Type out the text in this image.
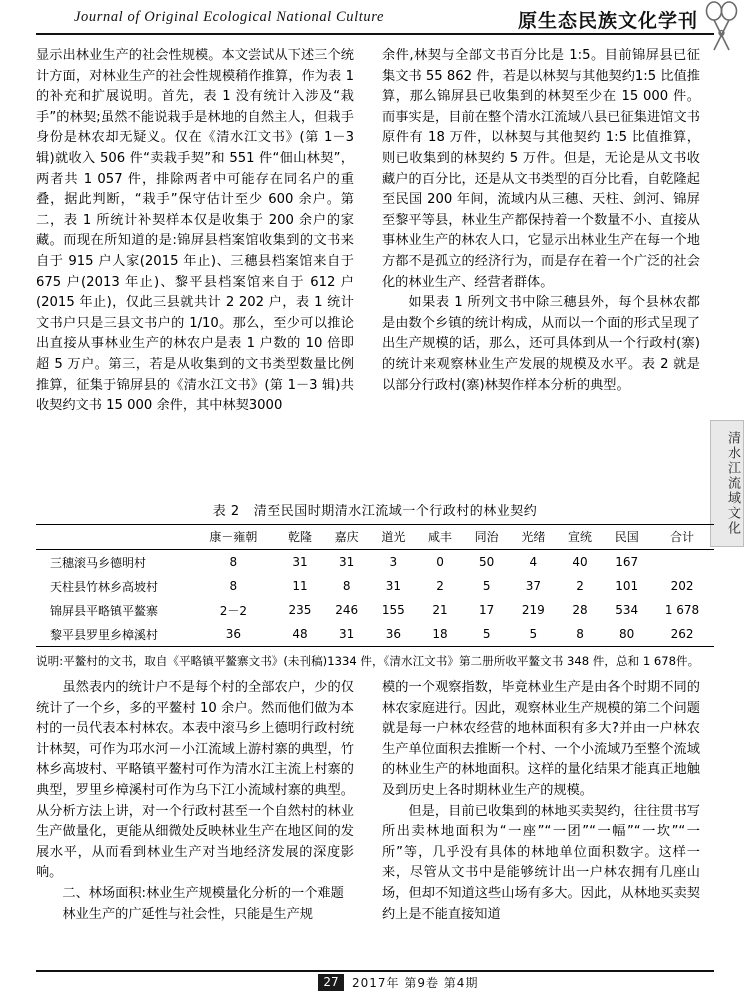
Journal of Original Ecological National Culture	原生态民族文化学刊
清水江流域文化

显示出林业生产的社会性规模。本文尝试从下述三个统计方面，对林业生产的社会性规模稍作推算，作为表 1 的补充和扩展说明。首先，表 1 没有统计入涉及“栽手”的林契;虽然不能说栽手是林地的自然主人，但栽手身份是林农却无疑义。仅在《清水江文书》(第 1－3 辑)就收入 506 件“卖栽手契”和 551 件“佃山林契”，两者共 1 057 件，排除两者中可能存在同名户的重叠，据此判断，“栽手”保守估计至少 600 余户。第二，表 1 所统计补契样本仅是收集于 200 余户的家藏。而现在所知道的是:锦屏县档案馆收集到的文书来自于 915 户人家(2015 年止)、三穗县档案馆来自于 675 户(2013 年止)、黎平县档案馆来自于 612 户(2015 年止)，仅此三县就共计 2 202 户，表 1 统计文书户只是三县文书户的 1/10。那么，至少可以推论出直接从事林业生产的林农户是表 1 户数的 10 倍即超 5 万户。第三，若是从收集到的文书类型数量比例推算，征集于锦屏县的《清水江文书》(第 1－3 辑)共收契约文书 15 000 余件，其中林契3000

余件,林契与全部文书百分比是 1:5。目前锦屏县已征集文书 55 862 件，若是以林契与其他契约1:5 比值推算，那么锦屏县已收集到的林契至少在 15 000 件。而事实是，目前在整个清水江流域八县已征集进馆文书原件有 18 万件，以林契与其他契约 1:5 比值推算，则已收集到的林契约 5 万件。但是，无论是从文书收藏户的百分比，还是从文书类型的百分比看，自乾隆起至民国 200 年间，流域内从三穗、天柱、剑河、锦屏至黎平等县，林业生产都保持着一个数量不小、直接从事林业生产的林农人口，它显示出林业生产在每一个地方都不是孤立的经济行为，而是存在着一个广泛的社会化的林业生产、经营者群体。

如果表 1 所列文书中除三穗县外，每个县林农都是由数个乡镇的统计构成，从而以一个面的形式呈现了出生产规模的话，那么，还可具体到从一个行政村(寨)的统计来观察林业生产发展的规模及水平。表 2 就是以部分行政村(寨)林契作样本分析的典型。

表 2 清至民国时期清水江流域一个行政村的林业契约
	康－雍朝	乾隆	嘉庆	道光	咸丰	同治	光绪	宣统	民国	合计
三穗滚马乡德明村	8	31	31	3	0	50	4	40	167	
天柱县竹林乡高坡村	8	11	8	31	2	5	37	2	101	202
锦屏县平略镇平鳌寨	2－2	235	246	155	21	17	219	28	534	1 678
黎平县罗里乡樟溪村	36	48	31	36	18	5	5	8	80	262
说明:平鳌村的文书，取自《平略镇平鳌寨文书》(未刊稿)1334 件，《清水江文书》第二册所收平鳌文书 348 件，总和 1 678件。

虽然表内的统计户不是每个村的全部农户，少的仅统计了一个乡，多的平鳌村 10 余户。然而他们做为本村的一员代表本村林农。本表中滚马乡上德明行政村统计林契，可作为邛水河－小江流域上游村寨的典型，竹林乡高坡村、平略镇平鳌村可作为清水江主流上村寨的典型，罗里乡樟溪村可作为乌下江小流域村寨的典型。从分析方法上讲，对一个行政村甚至一个自然村的林业生产做量化，更能从细微处反映林业生产在地区间的发展水平，从而看到林业生产对当地经济发展的深度影响。

二、林场面积:林业生产规模量化分析的一个难题

林业生产的广延性与社会性，只能是生产规

模的一个观察指数，毕竟林业生产是由各个时期不同的林农家庭进行。因此，观察林业生产规模的第二个问题就是每一户林农经营的地林面积有多大?并由一户林农生产单位面积去推断一个村、一个小流域乃至整个流域的林业生产的林地面积。这样的量化结果才能真正地触及到历史上各时期林业生产的规模。

但是，目前已收集到的林地买卖契约，往往贯书写所出卖林地面积为“一座”“一团”“一幅”“一坎”“一所”等，几乎没有具体的林地单位面积数字。这样一来，尽管从文书中是能够统计出一户林农拥有几座山场，但却不知道这些山场有多大。因此，从林地买卖契约上是不能直接知道

27	2017年 第9卷 第4期
